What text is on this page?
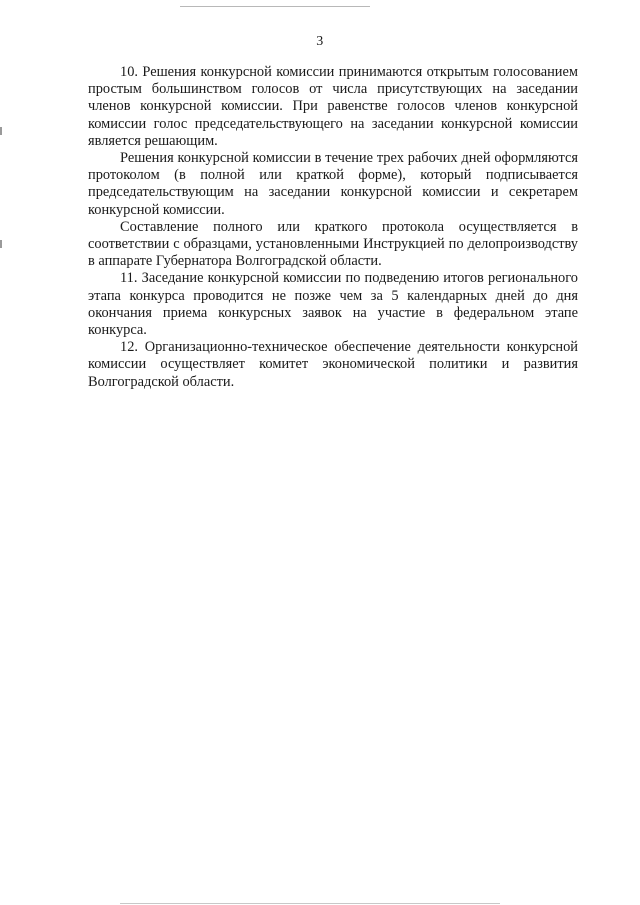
3

10. Решения конкурсной комиссии принимаются открытым голосованием простым большинством голосов от числа присутствующих на заседании членов конкурсной комиссии. При равенстве голосов членов конкурсной комиссии голос председательствующего на заседании конкурсной комиссии является решающим.

Решения конкурсной комиссии в течение трех рабочих дней оформляются протоколом (в полной или краткой форме), который подписывается председательствующим на заседании конкурсной комиссии и секретарем конкурсной комиссии.

Составление полного или краткого протокола осуществляется в соответствии с образцами, установленными Инструкцией по делопроизводству в аппарате Губернатора Волгоградской области.

11. Заседание конкурсной комиссии по подведению итогов регионального этапа конкурса проводится не позже чем за 5 календарных дней до дня окончания приема конкурсных заявок на участие в федеральном этапе конкурса.

12. Организационно-техническое обеспечение деятельности конкурсной комиссии осуществляет комитет экономической политики и развития Волгоградской области.
